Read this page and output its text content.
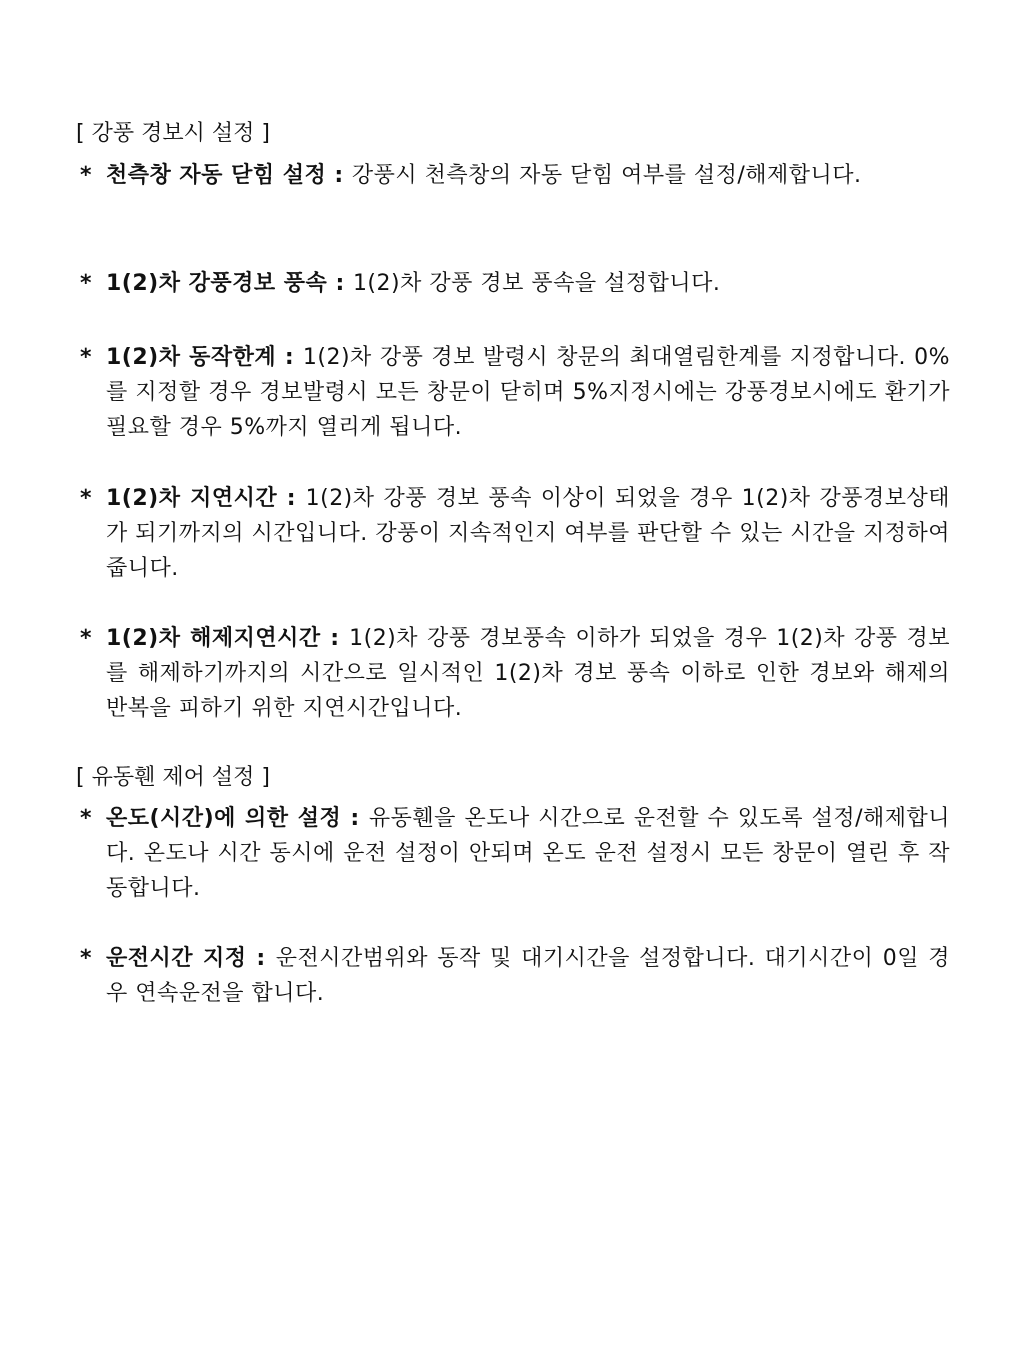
[ 강풍 경보시 설정 ]
* 천측창 자동 닫힘 설정 : 강풍시 천측창의 자동 닫힘 여부를 설정/해제합니다.
* 1(2)차 강풍경보 풍속 : 1(2)차 강풍 경보 풍속을 설정합니다.
* 1(2)차 동작한계 : 1(2)차 강풍 경보 발령시 창문의 최대열림한계를 지정합니다. 0%를 지정할 경우 경보발령시 모든 창문이 닫히며 5%지정시에는 강풍경보시에도 환기가 필요할 경우 5%까지 열리게 됩니다.
* 1(2)차 지연시간 : 1(2)차 강풍 경보 풍속 이상이 되었을 경우 1(2)차 강풍경보상태가 되기까지의 시간입니다. 강풍이 지속적인지 여부를 판단할 수 있는 시간을 지정하여 줍니다.
* 1(2)차 해제지연시간 : 1(2)차 강풍 경보풍속 이하가 되었을 경우 1(2)차 강풍 경보를 해제하기까지의 시간으로 일시적인 1(2)차 경보 풍속 이하로 인한 경보와 해제의 반복을 피하기 위한 지연시간입니다.
[ 유동휀 제어 설정 ]
* 온도(시간)에 의한 설정 : 유동휀을 온도나 시간으로 운전할 수 있도록 설정/해제합니다. 온도나 시간 동시에 운전 설정이 안되며 온도 운전 설정시 모든 창문이 열린 후 작동합니다.
* 운전시간 지정 : 운전시간범위와 동작 및 대기시간을 설정합니다. 대기시간이 0일 경우 연속운전을 합니다.
